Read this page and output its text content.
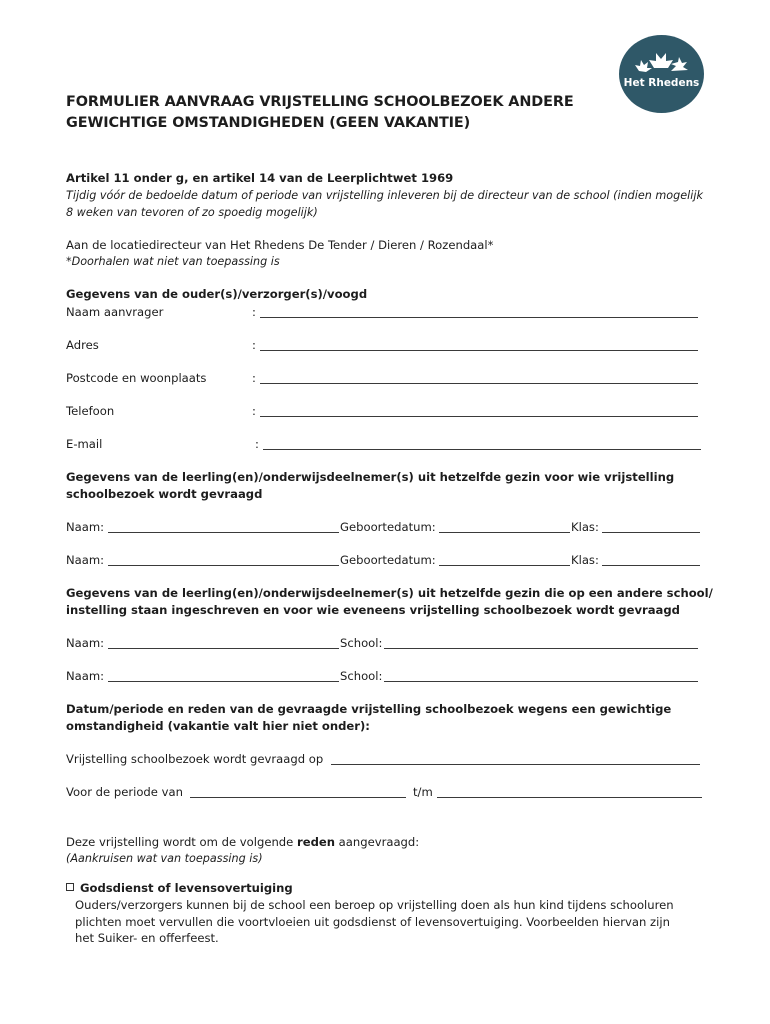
Het Rhedens
FORMULIER AANVRAAG VRIJSTELLING SCHOOLBEZOEK ANDERE
GEWICHTIGE OMSTANDIGHEDEN (GEEN VAKANTIE)
Artikel 11 onder g, en artikel 14 van de Leerplichtwet 1969
Tijdig vóór de bedoelde datum of periode van vrijstelling inleveren bij de directeur van de school (indien mogelijk
8 weken van tevoren of zo spoedig mogelijk)
Aan de locatiedirecteur van Het Rhedens De Tender / Dieren / Rozendaal*
*Doorhalen wat niet van toepassing is
Gegevens van de ouder(s)/verzorger(s)/voogd
Naam aanvrager	:
Adres	:
Postcode en woonplaats	:
Telefoon	:
E-mail	:
Gegevens van de leerling(en)/onderwijsdeelnemer(s) uit hetzelfde gezin voor wie vrijstelling
schoolbezoek wordt gevraagd
Naam:	Geboortedatum:	Klas:
Naam:	Geboortedatum:	Klas:
Gegevens van de leerling(en)/onderwijsdeelnemer(s) uit hetzelfde gezin die op een andere school/
instelling staan ingeschreven en voor wie eveneens vrijstelling schoolbezoek wordt gevraagd
Naam:	School:
Naam:	School:
Datum/periode en reden van de gevraagde vrijstelling schoolbezoek wegens een gewichtige
omstandigheid (vakantie valt hier niet onder):
Vrijstelling schoolbezoek wordt gevraagd op
Voor de periode van	t/m
Deze vrijstelling wordt om de volgende reden aangevraagd:
(Aankruisen wat van toepassing is)
Godsdienst of levensovertuiging
Ouders/verzorgers kunnen bij de school een beroep op vrijstelling doen als hun kind tijdens schooluren
plichten moet vervullen die voortvloeien uit godsdienst of levensovertuiging. Voorbeelden hiervan zijn
het Suiker- en offerfeest.
